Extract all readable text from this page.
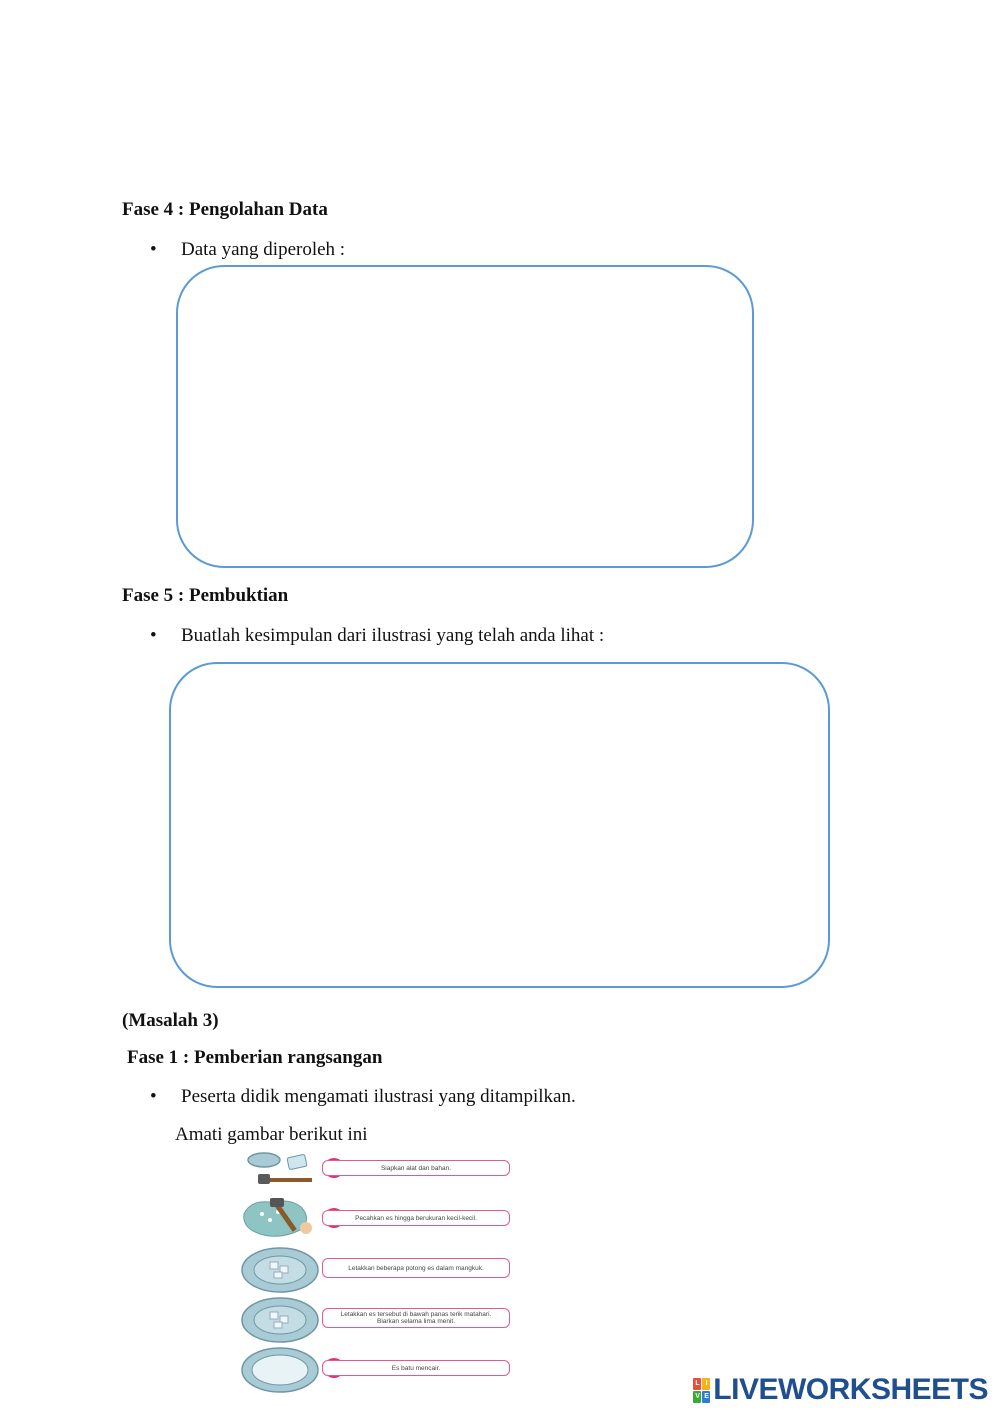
Fase 4 : Pengolahan Data
• Data yang diperoleh :
Fase 5 : Pembuktian
• Buatlah kesimpulan dari ilustrasi yang telah anda lihat :
(Masalah 3)
Fase 1 : Pemberian rangsangan
• Peserta didik mengamati ilustrasi yang ditampilkan.
Amati gambar berikut ini
Siapkan alat dan bahan.
Pecahkan es hingga berukuran kecil-kecil.
Letakkan beberapa potong es dalam mangkuk.
Letakkan es tersebut di bawah panas terik matahari. Biarkan selama lima menit.
Es batu mencair.
L I
V E LIVEWORKSHEETS
